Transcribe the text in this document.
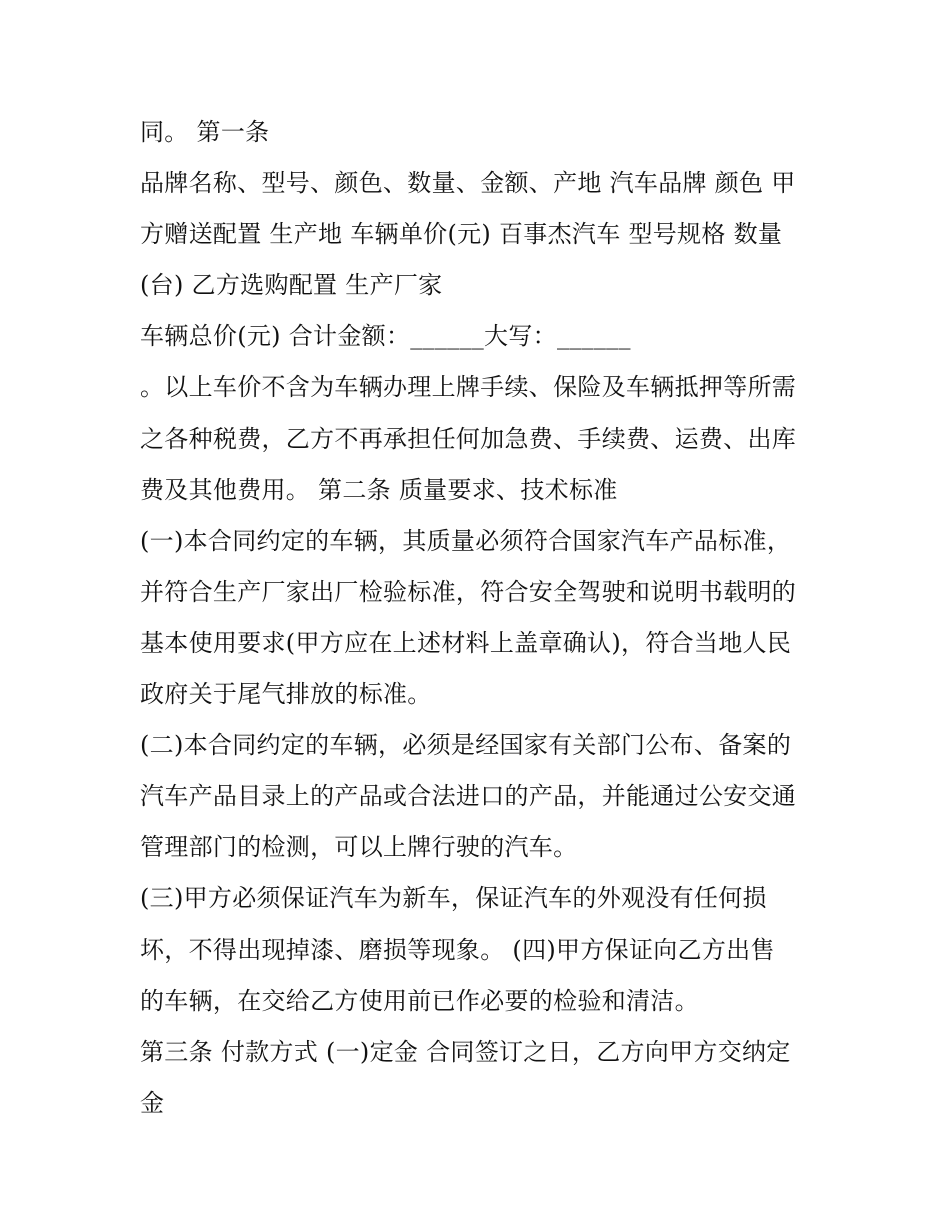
同。 第一条
品牌名称、型号、颜色、数量、金额、产地 汽车品牌 颜色 甲
方赠送配置 生产地 车辆单价(元) 百事杰汽车 型号规格 数量
(台) 乙方选购配置 生产厂家
车辆总价(元) 合计金额：______大写：______
。以上车价不含为车辆办理上牌手续、保险及车辆抵押等所需
之各种税费，乙方不再承担任何加急费、手续费、运费、出库
费及其他费用。 第二条 质量要求、技术标准
(一)本合同约定的车辆，其质量必须符合国家汽车产品标准，
并符合生产厂家出厂检验标准，符合安全驾驶和说明书载明的
基本使用要求(甲方应在上述材料上盖章确认)，符合当地人民
政府关于尾气排放的标准。
(二)本合同约定的车辆，必须是经国家有关部门公布、备案的
汽车产品目录上的产品或合法进口的产品，并能通过公安交通
管理部门的检测，可以上牌行驶的汽车。
(三)甲方必须保证汽车为新车，保证汽车的外观没有任何损
坏，不得出现掉漆、磨损等现象。 (四)甲方保证向乙方出售
的车辆，在交给乙方使用前已作必要的检验和清洁。
第三条 付款方式 (一)定金 合同签订之日，乙方向甲方交纳定
金
